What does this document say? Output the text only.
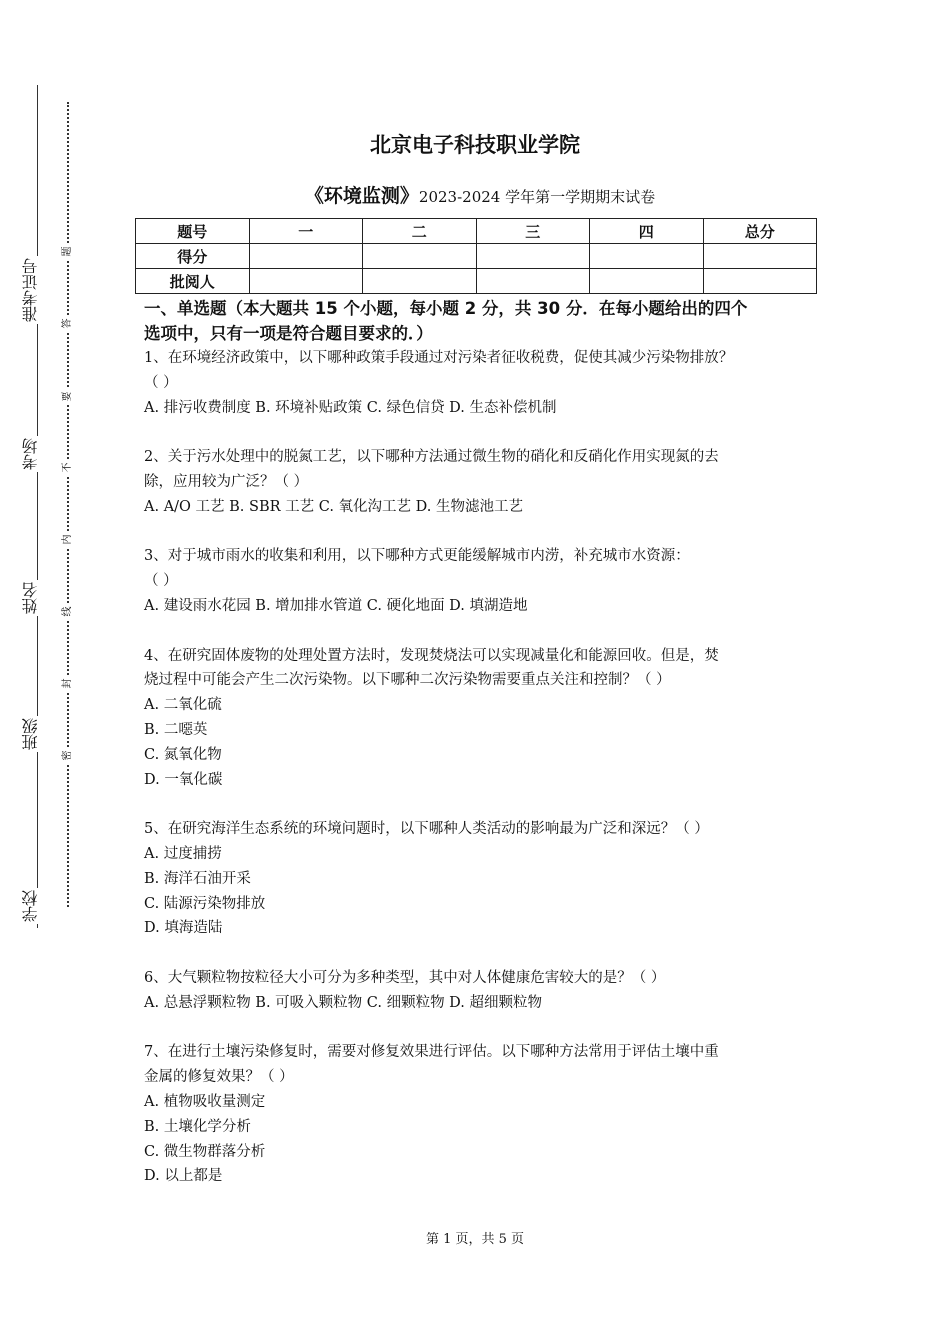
准考证号
考场
姓名
班级
学校
题
答
要
不
内
线
封
密
北京电子科技职业学院
《环境监测》2023-2024 学年第一学期期末试卷
题号	一	二	三	四	总分
得分					
批阅人					
一、单选题（本大题共 15 个小题，每小题 2 分，共 30 分．在每小题给出的四个
选项中，只有一项是符合题目要求的．）
1、在环境经济政策中，以下哪种政策手段通过对污染者征收税费，促使其减少污染物排放？
（ ）
A. 排污收费制度 B. 环境补贴政策 C. 绿色信贷 D. 生态补偿机制
2、关于污水处理中的脱氮工艺，以下哪种方法通过微生物的硝化和反硝化作用实现氮的去
除，应用较为广泛？（ ）
A. A/O 工艺 B. SBR 工艺 C. 氧化沟工艺 D. 生物滤池工艺
3、对于城市雨水的收集和利用，以下哪种方式更能缓解城市内涝，补充城市水资源：
（ ）
A. 建设雨水花园 B. 增加排水管道 C. 硬化地面 D. 填湖造地
4、在研究固体废物的处理处置方法时，发现焚烧法可以实现减量化和能源回收。但是，焚
烧过程中可能会产生二次污染物。以下哪种二次污染物需要重点关注和控制？（ ）
A. 二氧化硫
B. 二噁英
C. 氮氧化物
D. 一氧化碳
5、在研究海洋生态系统的环境问题时，以下哪种人类活动的影响最为广泛和深远？（ ）
A. 过度捕捞
B. 海洋石油开采
C. 陆源污染物排放
D. 填海造陆
6、大气颗粒物按粒径大小可分为多种类型，其中对人体健康危害较大的是？（ ）
A. 总悬浮颗粒物 B. 可吸入颗粒物 C. 细颗粒物 D. 超细颗粒物
7、在进行土壤污染修复时，需要对修复效果进行评估。以下哪种方法常用于评估土壤中重
金属的修复效果？（ ）
A. 植物吸收量测定
B. 土壤化学分析
C. 微生物群落分析
D. 以上都是
第 1 页，共 5 页
